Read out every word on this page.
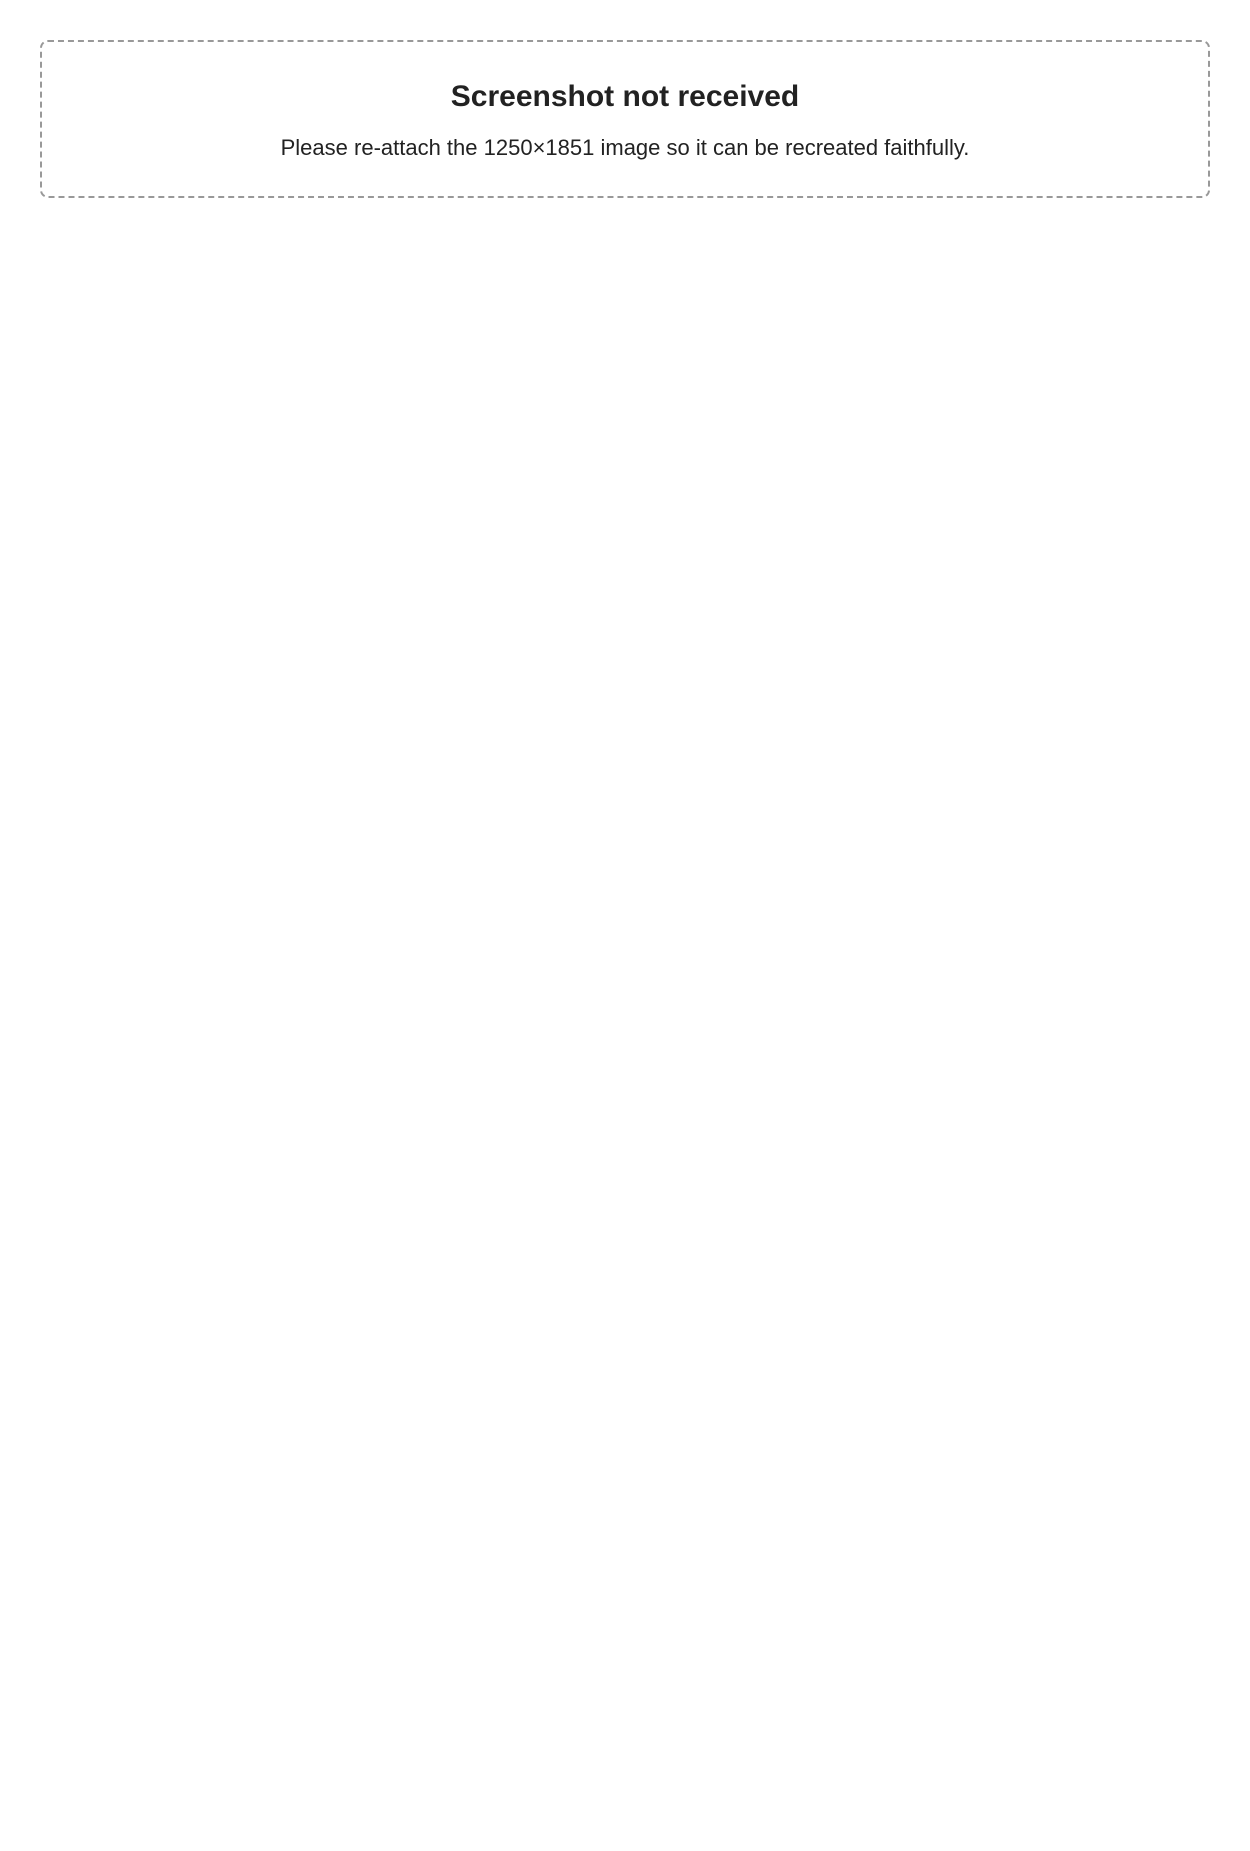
Screenshot not received
Please re-attach the 1250×1851 image so it can be recreated faithfully.
